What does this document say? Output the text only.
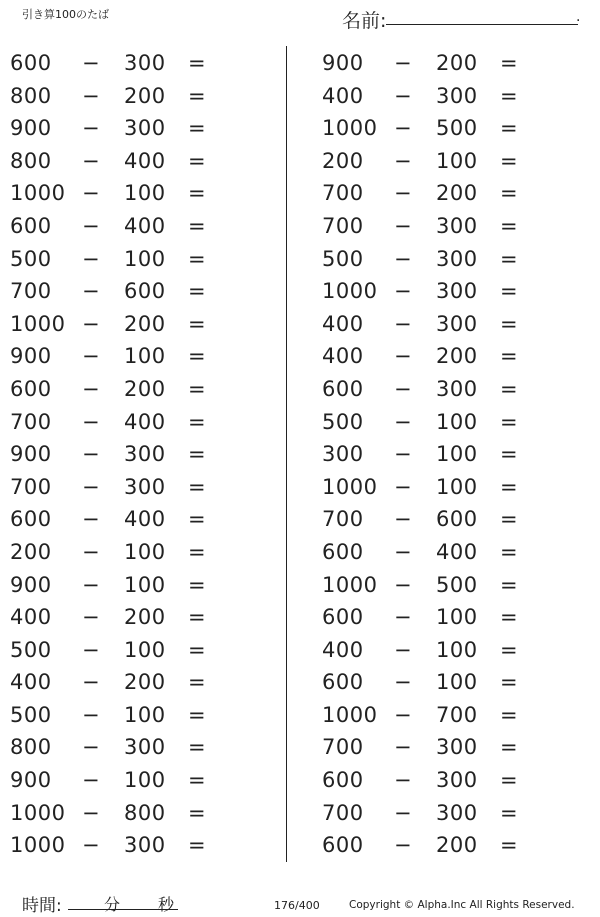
引き算100のたば	名前:	.
600	− 300 =
800	− 200 =
900	− 300 =
800	− 400 =
1000 − 100 =
600	− 400 =
500	− 100 =
700	− 600 =
1000 − 200 =
900	− 100 =
600	− 200 =
700	− 400 =
900	− 300 =
700	− 300 =
600	− 400 =
200	− 100 =
900	− 100 =
400	− 200 =
500	− 100 =
400	− 200 =
500	− 100 =
800	− 300 =
900	− 100 =
1000 − 800 =
1000 − 300 =
900	− 200 =
400	− 300 =
1000 − 500 =
200	− 100 =
700	− 200 =
700	− 300 =
500	− 300 =
1000 − 300 =
400	− 300 =
400	− 200 =
600	− 300 =
500	− 100 =
300	− 100 =
1000 − 100 =
700	− 600 =
600	− 400 =
1000 − 500 =
600	− 100 =
400	− 100 =
600	− 100 =
1000 − 700 =
700	− 300 =
600	− 300 =
700	− 300 =
600	− 200 =
時間:	分 秒	176/400	Copyright © Alpha.Inc All Rights Reserved.
